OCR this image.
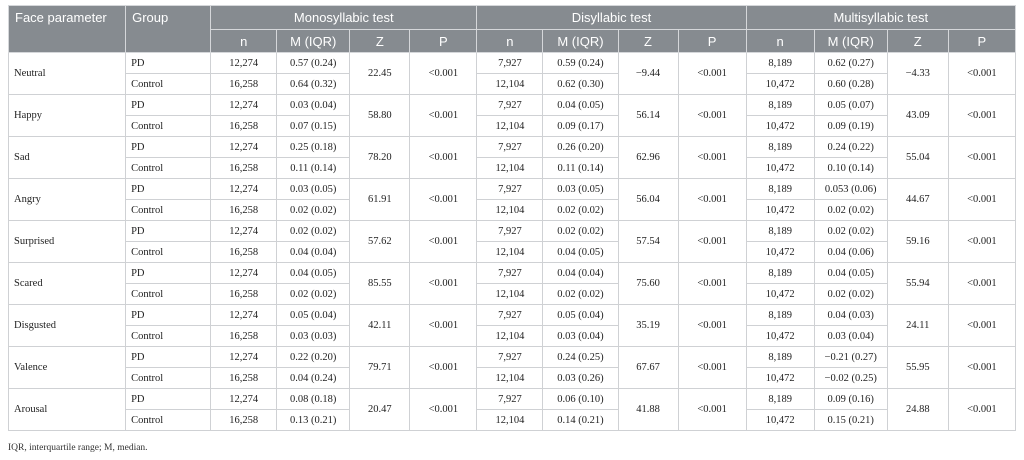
Face parameter	Group	Monosyllabic test				Disyllabic test				Multisyllabic test			
		n	M (IQR)	Z	P	n	M (IQR)	Z	P	n	M (IQR)	Z	P
Neutral	PD	12,274	0.57 (0.24)	22.45	<0.001	7,927	0.59 (0.24)	−9.44	<0.001	8,189	0.62 (0.27)	−4.33	<0.001
	Control	16,258	0.64 (0.32)			12,104	0.62 (0.30)			10,472	0.60 (0.28)		
Happy	PD	12,274	0.03 (0.04)	58.80	<0.001	7,927	0.04 (0.05)	56.14	<0.001	8,189	0.05 (0.07)	43.09	<0.001
	Control	16,258	0.07 (0.15)			12,104	0.09 (0.17)			10,472	0.09 (0.19)		
Sad	PD	12,274	0.25 (0.18)	78.20	<0.001	7,927	0.26 (0.20)	62.96	<0.001	8,189	0.24 (0.22)	55.04	<0.001
	Control	16,258	0.11 (0.14)			12,104	0.11 (0.14)			10,472	0.10 (0.14)		
Angry	PD	12,274	0.03 (0.05)	61.91	<0.001	7,927	0.03 (0.05)	56.04	<0.001	8,189	0.053 (0.06)	44.67	<0.001
	Control	16,258	0.02 (0.02)			12,104	0.02 (0.02)			10,472	0.02 (0.02)		
Surprised	PD	12,274	0.02 (0.02)	57.62	<0.001	7,927	0.02 (0.02)	57.54	<0.001	8,189	0.02 (0.02)	59.16	<0.001
	Control	16,258	0.04 (0.04)			12,104	0.04 (0.05)			10,472	0.04 (0.06)		
Scared	PD	12,274	0.04 (0.05)	85.55	<0.001	7,927	0.04 (0.04)	75.60	<0.001	8,189	0.04 (0.05)	55.94	<0.001
	Control	16,258	0.02 (0.02)			12,104	0.02 (0.02)			10,472	0.02 (0.02)		
Disgusted	PD	12,274	0.05 (0.04)	42.11	<0.001	7,927	0.05 (0.04)	35.19	<0.001	8,189	0.04 (0.03)	24.11	<0.001
	Control	16,258	0.03 (0.03)			12,104	0.03 (0.04)			10,472	0.03 (0.04)		
Valence	PD	12,274	0.22 (0.20)	79.71	<0.001	7,927	0.24 (0.25)	67.67	<0.001	8,189	−0.21 (0.27)	55.95	<0.001
	Control	16,258	0.04 (0.24)			12,104	0.03 (0.26)			10,472	−0.02 (0.25)		
Arousal	PD	12,274	0.08 (0.18)	20.47	<0.001	7,927	0.06 (0.10)	41.88	<0.001	8,189	0.09 (0.16)	24.88	<0.001
	Control	16,258	0.13 (0.21)			12,104	0.14 (0.21)			10,472	0.15 (0.21)		
IQR, interquartile range; M, median.
